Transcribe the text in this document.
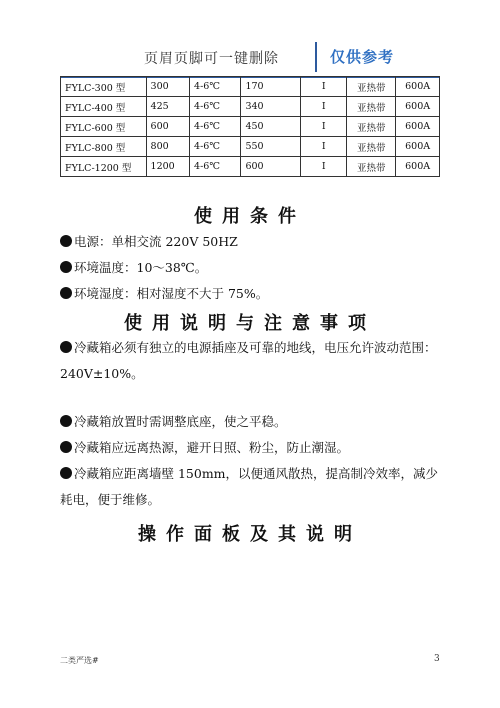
页眉页脚可一键删除	仅供参考
FYLC-300 型	300	4-6℃	170	I	亚热带	600A
FYLC-400 型	425	4-6℃	340	I	亚热带	600A
FYLC-600 型	600	4-6℃	450	I	亚热带	600A
FYLC-800 型	800	4-6℃	550	I	亚热带	600A
FYLC-1200 型	1200	4-6℃	600	I	亚热带	600A
使用条件
电源：单相交流 220V 50HZ
环境温度：10～38℃。
环境湿度：相对湿度不大于 75%。
使用说明与注意事项
冷藏箱必须有独立的电源插座及可靠的地线，电压允许波动范围：240V±10%。
冷藏箱放置时需调整底座，使之平稳。
冷藏箱应远离热源，避开日照、粉尘，防止潮湿。
冷藏箱应距离墙壁 150mm，以便通风散热，提高制冷效率，减少耗电，便于维修。
操作面板及其说明
二类严选#	3
